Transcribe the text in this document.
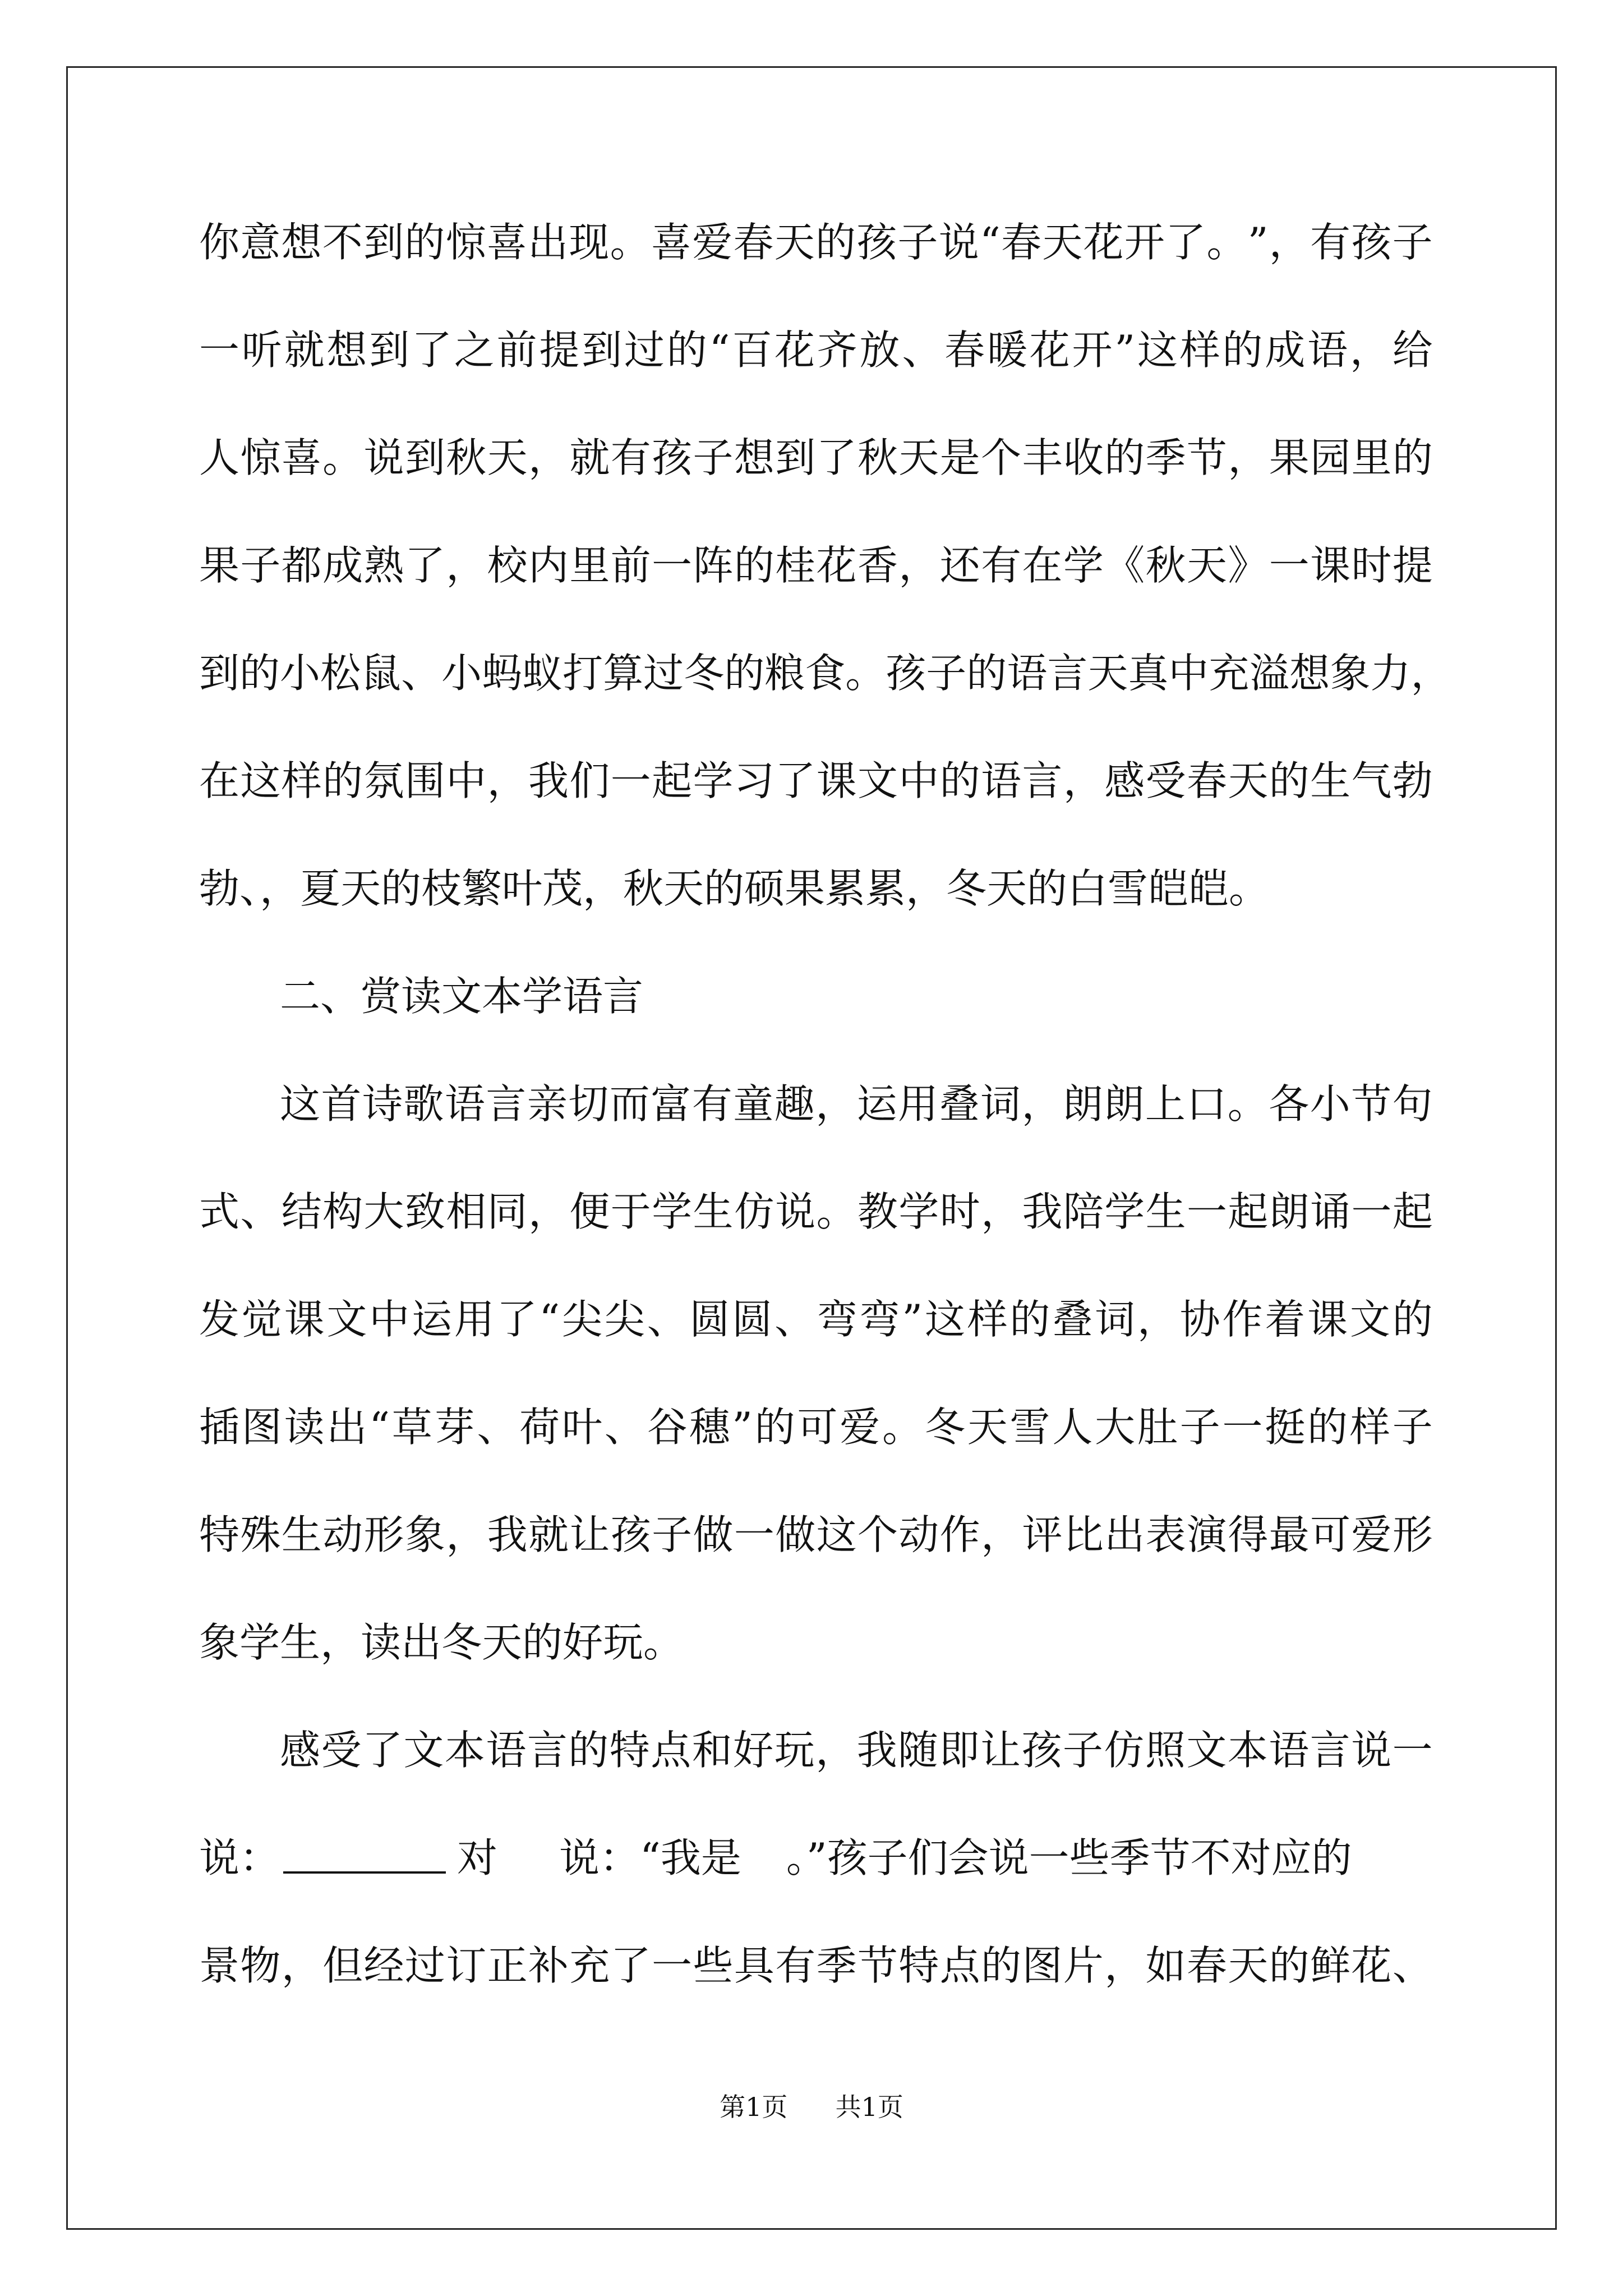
你 意 想 不 到 的 惊 喜 出 现 。 喜 爱 春 天 的 孩 子 说 “ 春 天 花 开 了 。 ” ， 有 孩 子
一 听 就 想 到 了 之 前 提 到 过 的 “ 百 花 齐 放 、 春 暖 花 开 ” 这 样 的 成 语 ， 给
人 惊 喜 。 说 到 秋 天 ， 就 有 孩 子 想 到 了 秋 天 是 个 丰 收 的 季 节 ， 果 园 里 的
果 子 都 成 熟 了 ， 校 内 里 前 一 阵 的 桂 花 香 ， 还 有 在 学 《 秋 天 》 一 课 时 提
到 的 小 松 鼠 、 小 蚂 蚁 打 算 过 冬 的 粮 食 。 孩 子 的 语 言 天 真 中 充 溢 想 象 力 ，
在 这 样 的 氛 围 中 ， 我 们 一 起 学 习 了 课 文 中 的 语 言 ， 感 受 春 天 的 生 气 勃
勃、，夏天的枝繁叶茂，秋天的硕果累累，冬天的白雪皑皑。
二、赏读文本学语言
这 首 诗 歌 语 言 亲 切 而 富 有 童 趣 ， 运 用 叠 词 ， 朗 朗 上 口 。 各 小 节 句
式 、 结 构 大 致 相 同 ， 便 于 学 生 仿 说 。 教 学 时 ， 我 陪 学 生 一 起 朗 诵 一 起
发 觉 课 文 中 运 用 了 “ 尖 尖 、 圆 圆 、 弯 弯 ” 这 样 的 叠 词 ， 协 作 着 课 文 的
插 图 读 出 “ 草 芽 、 荷 叶 、 谷 穗 ” 的 可 爱 。 冬 天 雪 人 大 肚 子 一 挺 的 样 子
特 殊 生 动 形 象 ， 我 就 让 孩 子 做 一 做 这 个 动 作 ， 评 比 出 表 演 得 最 可 爱 形
象学生，读出冬天的好玩。
感 受 了 文 本 语 言 的 特 点 和 好 玩 ， 我 随 即 让 孩 子 仿 照 文 本 语 言 说 一
说：	对 说：“我是 。”孩子们会说一些季节不对应的
景 物 ， 但 经 过 订 正 补 充 了 一 些 具 有 季 节 特 点 的 图 片 ， 如 春 天 的 鲜 花 、
第1页 共1页
